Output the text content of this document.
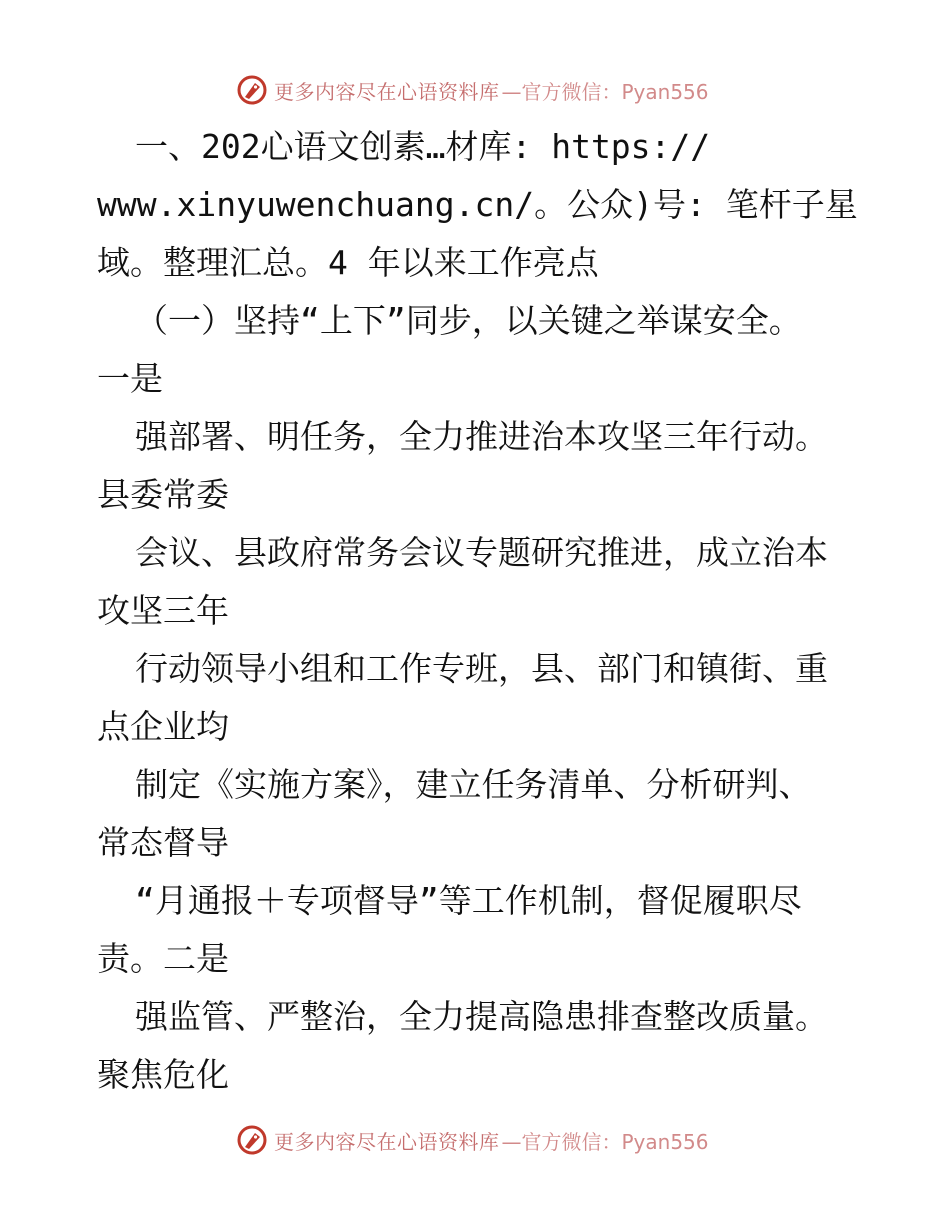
更多内容尽在心语资料库 —官方微信：Pyan556
一、202心语文创素…材库: https://
www.xinyuwenchuang.cn/。公众)号: 笔杆子星
域。整理汇总。4 年以来工作亮点
（一）坚持“上下”同步，以关键之举谋安全。
一是
强部署、明任务，全力推进治本攻坚三年行动。
县委常委
会议、县政府常务会议专题研究推进，成立治本
攻坚三年
行动领导小组和工作专班，县、部门和镇街、重
点企业均
制定《实施方案》，建立任务清单、分析研判、
常态督导
“月通报＋专项督导”等工作机制，督促履职尽
责。二是
强监管、严整治，全力提高隐患排查整改质量。
聚焦危化
更多内容尽在心语资料库 —官方微信：Pyan556
